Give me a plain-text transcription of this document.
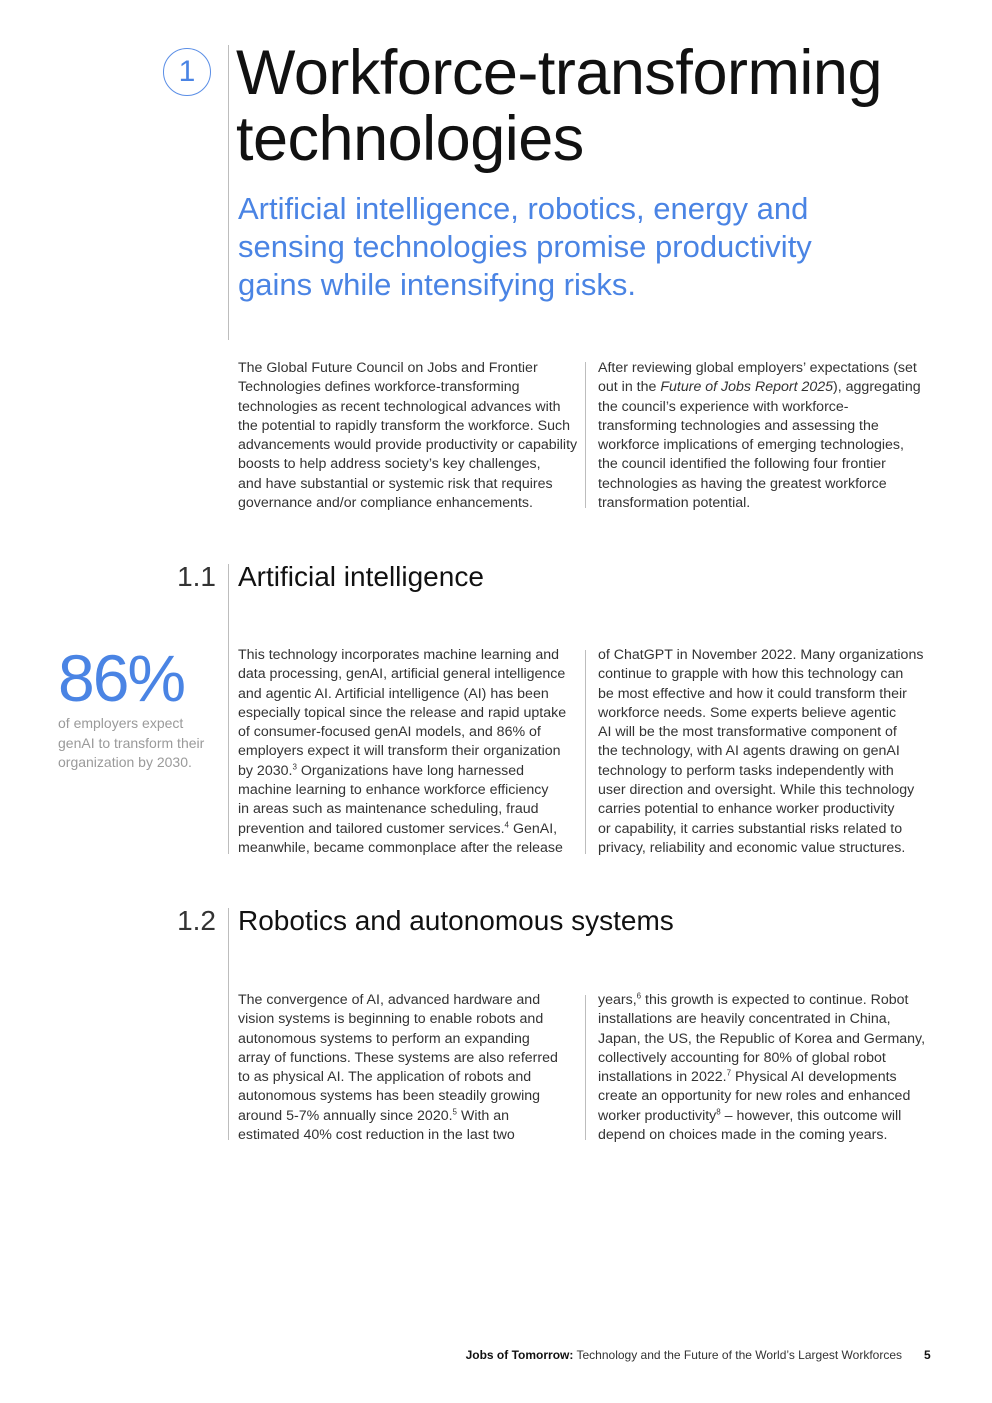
1 Workforce-transforming
technologies
Artificial intelligence, robotics, energy and
sensing technologies promise productivity
gains while intensifying risks.

The Global Future Council on Jobs and Frontier
Technologies defines workforce-transforming
technologies as recent technological advances with
the potential to rapidly transform the workforce. Such
advancements would provide productivity or capability
boosts to help address society’s key challenges,
and have substantial or systemic risk that requires
governance and/or compliance enhancements.

After reviewing global employers’ expectations (set
out in the Future of Jobs Report 2025), aggregating
the council’s experience with workforce-
transforming technologies and assessing the
workforce implications of emerging technologies,
the council identified the following four frontier
technologies as having the greatest workforce
transformation potential.

1.1 Artificial intelligence
86%

of employers expect
genAI to transform their
organization by 2030.

This technology incorporates machine learning and
data processing, genAI, artificial general intelligence
and agentic AI. Artificial intelligence (AI) has been
especially topical since the release and rapid uptake
of consumer-focused genAI models, and 86% of
employers expect it will transform their organization
by 2030.$^3$ Organizations have long harnessed
machine learning to enhance workforce efficiency
in areas such as maintenance scheduling, fraud
prevention and tailored customer services.$^4$ GenAI,
meanwhile, became commonplace after the release

of ChatGPT in November 2022. Many organizations
continue to grapple with how this technology can
be most effective and how it could transform their
workforce needs. Some experts believe agentic
AI will be the most transformative component of
the technology, with AI agents drawing on genAI
technology to perform tasks independently with
user direction and oversight. While this technology
carries potential to enhance worker productivity
or capability, it carries substantial risks related to
privacy, reliability and economic value structures.

1.2 Robotics and autonomous systems

The convergence of AI, advanced hardware and
vision systems is beginning to enable robots and
autonomous systems to perform an expanding
array of functions. These systems are also referred
to as physical AI. The application of robots and
autonomous systems has been steadily growing
around 5-7% annually since 2020.$^5$ With an
estimated 40% cost reduction in the last two

years,$^6$ this growth is expected to continue. Robot
installations are heavily concentrated in China,
Japan, the US, the Republic of Korea and Germany,
collectively accounting for 80% of global robot
installations in 2022.$^7$ Physical AI developments
create an opportunity for new roles and enhanced
worker productivity$^8$ – however, this outcome will
depend on choices made in the coming years.

Jobs of Tomorrow: Technology and the Future of the World’s Largest Workforces 5
